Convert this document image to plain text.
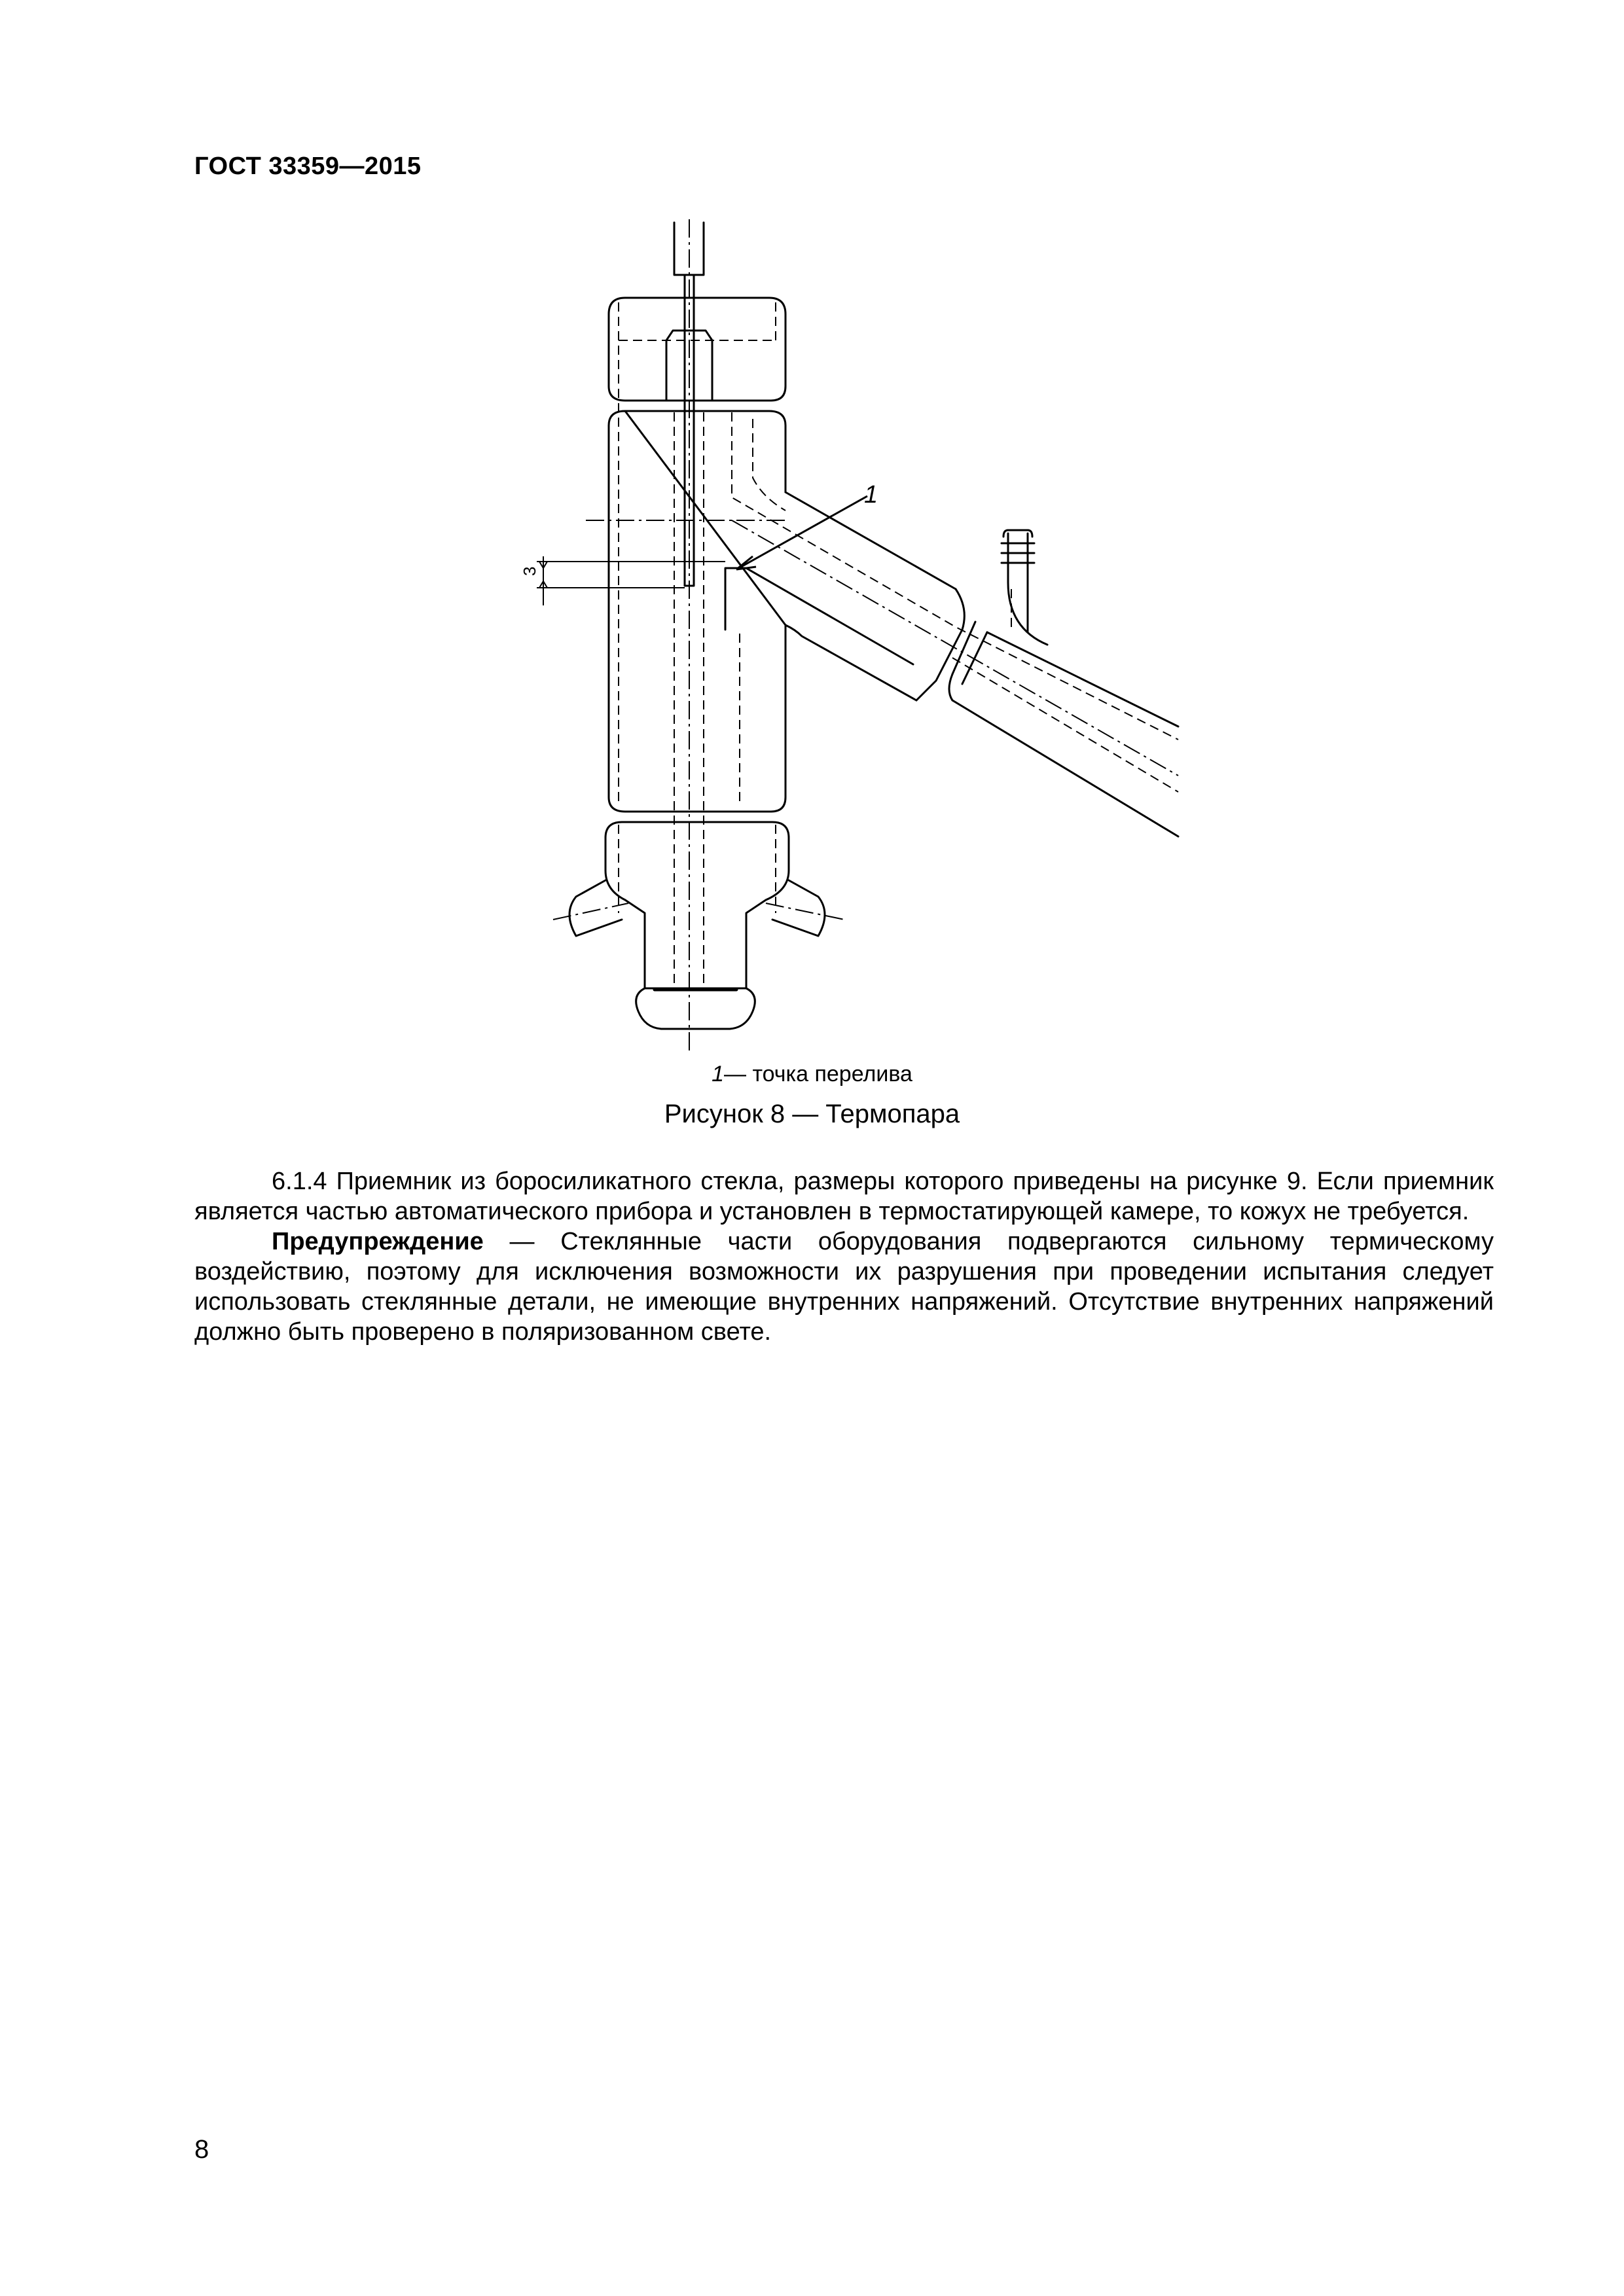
ГОСТ 33359—2015
3
1
1— точка перелива
Рисунок 8 — Термопара

6.1.4 Приемник из боросиликатного стекла, размеры которого приведены на рисунке 9. Если приемник является частью автоматического прибора и установлен в термостатирующей камере, то кожух не требуется.

Предупреждение — Стеклянные части оборудования подвергаются сильному термическому воздействию, поэтому для исключения возможности их разрушения при проведении испытания следует использовать стеклянные детали, не имеющие внутренних напряжений. Отсутствие внутренних напряжений должно быть проверено в поляризованном свете.

8
